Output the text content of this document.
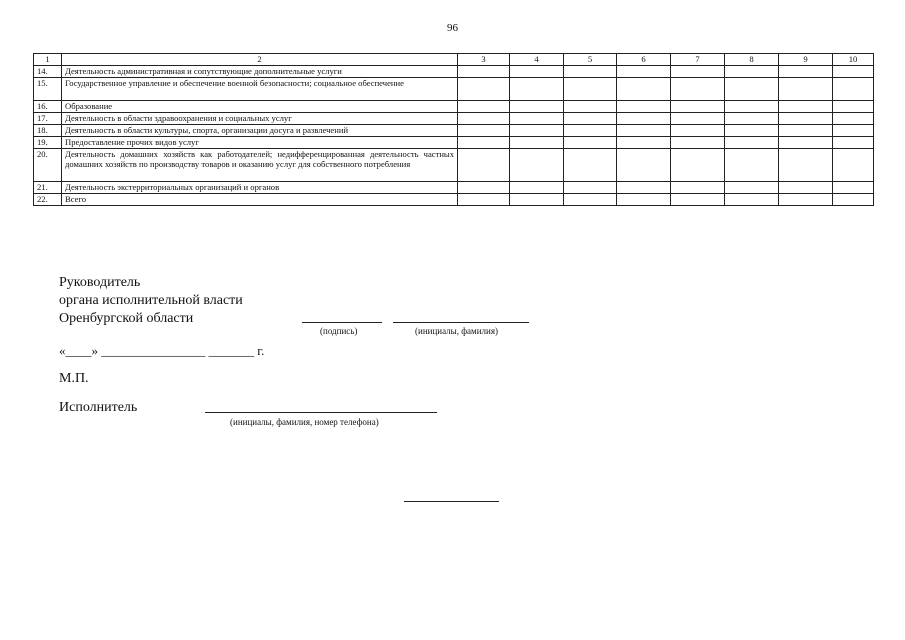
96
1	2	3	4	5	6	7	8	9	10
14.	Деятельность административная и сопутствующие дополнительные услуги								
15.	Государственное управление и обеспечение военной безопасности; социальное обеспечение								
16.	Образование								
17.	Деятельность в области здравоохранения и социальных услуг								
18.	Деятельность в области культуры, спорта, организации досуга и развлечений								
19.	Предоставление прочих видов услуг								
20.	Деятельность домашних хозяйств как работодателей; недифференцированная деятельность частных домашних хозяйств по производству товаров и оказанию услуг для собственного потребления								
21.	Деятельность экстерриториальных организаций и органов								
22.	Всего								
Руководитель
органа исполнительной власти
Оренбургской области
(подпись)	(инициалы, фамилия)
«____» ________________ _______ г.
М.П.
Исполнитель
(инициалы, фамилия, номер телефона)
